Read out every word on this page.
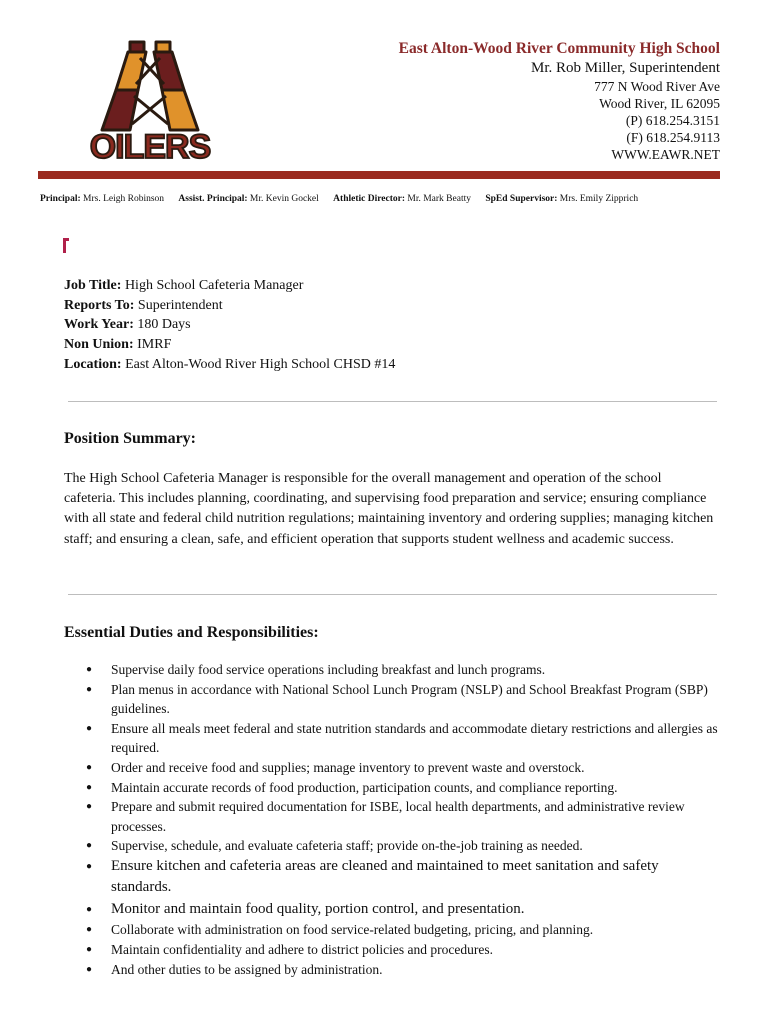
OILERS
East Alton-Wood River Community High School
Mr. Rob Miller, Superintendent
777 N Wood River Ave
Wood River, IL 62095
(P) 618.254.3151
(F) 618.254.9113
WWW.EAWR.NET
Principal: Mrs. Leigh Robinson Assist. Principal: Mr. Kevin Gockel Athletic Director: Mr. Mark Beatty SpEd Supervisor: Mrs. Emily Zipprich
Job Title: High School Cafeteria Manager
Reports To: Superintendent
Work Year: 180 Days
Non Union: IMRF
Location: East Alton-Wood River High School CHSD #14
Position Summary:
The High School Cafeteria Manager is responsible for the overall management and operation of the school cafeteria. This includes planning, coordinating, and supervising food preparation and service; ensuring compliance with all state and federal child nutrition regulations; maintaining inventory and ordering supplies; managing kitchen staff; and ensuring a clean, safe, and efficient operation that supports student wellness and academic success.
Essential Duties and Responsibilities:
● Supervise daily food service operations including breakfast and lunch programs.
● Plan menus in accordance with National School Lunch Program (NSLP) and School Breakfast Program (SBP) guidelines.
● Ensure all meals meet federal and state nutrition standards and accommodate dietary restrictions and allergies as required.
● Order and receive food and supplies; manage inventory to prevent waste and overstock.
● Maintain accurate records of food production, participation counts, and compliance reporting.
● Prepare and submit required documentation for ISBE, local health departments, and administrative review processes.
● Supervise, schedule, and evaluate cafeteria staff; provide on-the-job training as needed.
● Ensure kitchen and cafeteria areas are cleaned and maintained to meet sanitation and safety standards.
● Monitor and maintain food quality, portion control, and presentation.
● Collaborate with administration on food service-related budgeting, pricing, and planning.
● Maintain confidentiality and adhere to district policies and procedures.
● And other duties to be assigned by administration.
